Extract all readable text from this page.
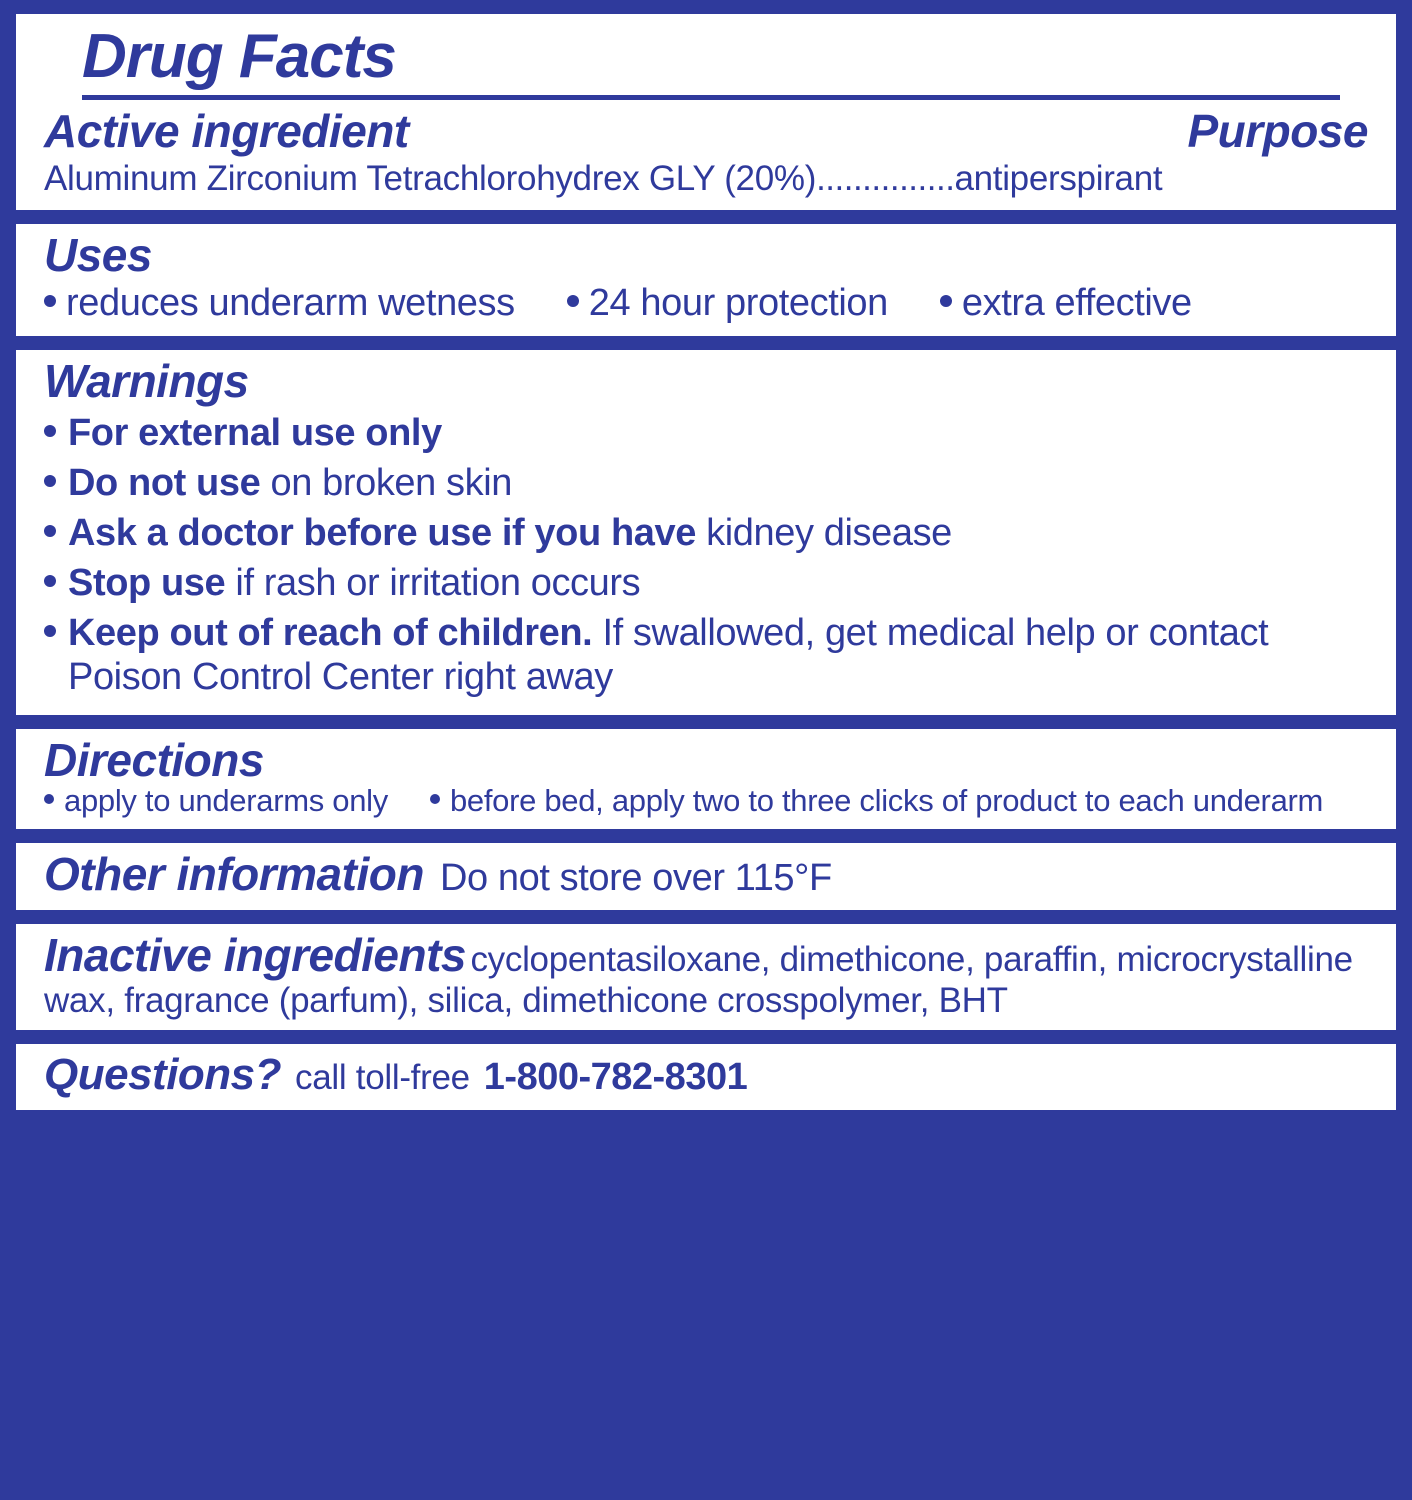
Drug Facts
Active ingredient	Purpose
Aluminum Zirconium Tetrachlorohydrex GLY (20%)...............antiperspirant
Uses
reduces underarm wetness 24 hour protection extra effective
Warnings
For external use only
Do not use on broken skin
Ask a doctor before use if you have kidney disease
Stop use if rash or irritation occurs
Keep out of reach of children. If swallowed, get medical help or contact Poison Control Center right away
Directions
apply to underarms only before bed, apply two to three clicks of product to each underarm
Other information Do not store over 115°F
Inactive ingredients cyclopentasiloxane, dimethicone, paraffin, microcrystalline wax, fragrance (parfum), silica, dimethicone crosspolymer, BHT
Questions? call toll-free 1-800-782-8301
